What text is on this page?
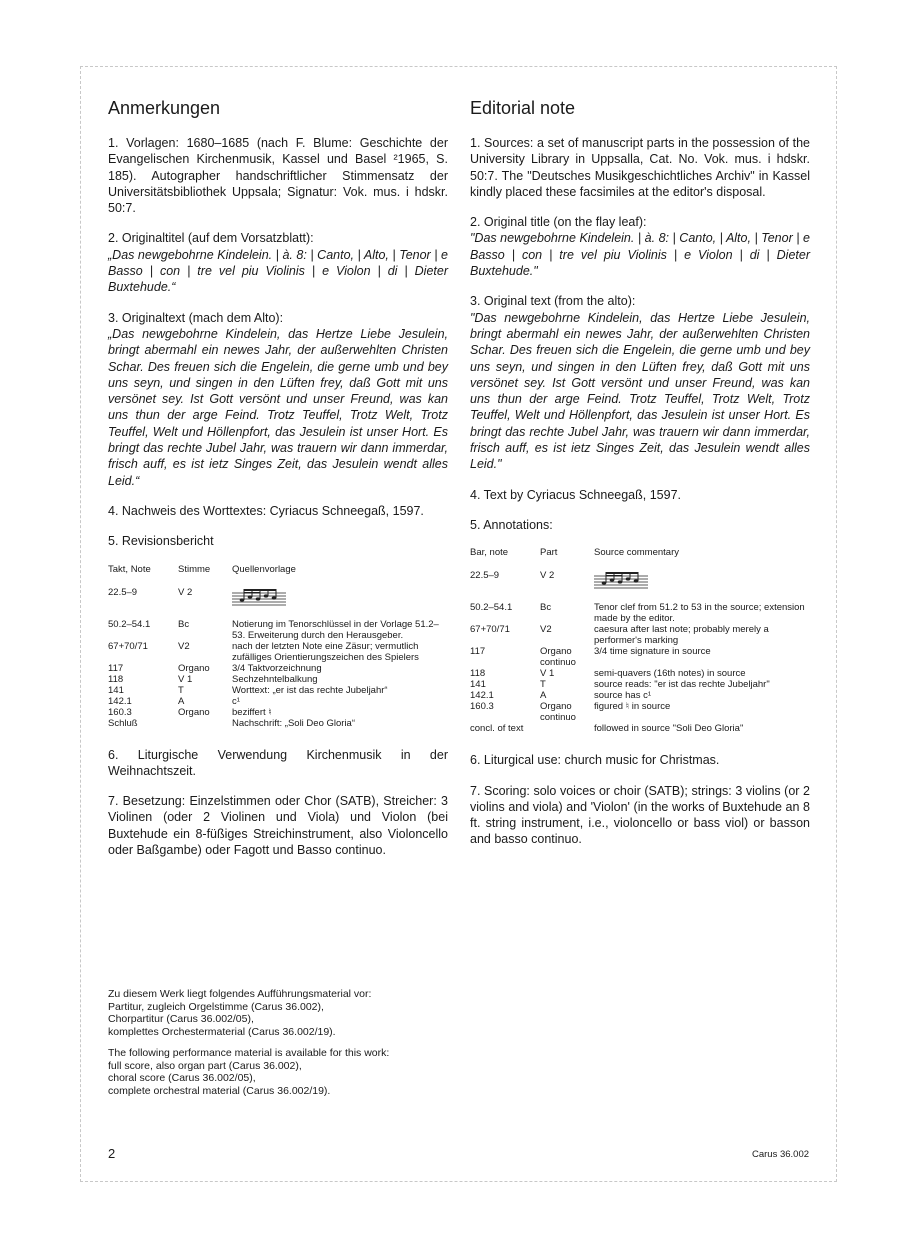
Anmerkungen

1. Vorlagen: 1680–1685 (nach F. Blume: Geschichte der Evangelischen Kirchenmusik, Kassel und Basel ²1965, S. 185). Autographer handschriftlicher Stimmensatz der Universitätsbibliothek Uppsala; Signatur: Vok. mus. i hdskr. 50:7.

2. Originaltitel (auf dem Vorsatzblatt):

„Das newgebohrne Kindelein. | à. 8: | Canto, | Alto, | Tenor | e Basso | con | tre vel piu Violinis | e Violon | di | Dieter Buxtehude.“

3. Originaltext (mach dem Alto):

„Das newgebohrne Kindelein, das Hertze Liebe Jesulein, bringt abermahl ein newes Jahr, der außerwehlten Christen Schar. Des freuen sich die Engelein, die gerne umb und bey uns seyn, und singen in den Lüften frey, daß Gott mit uns versönet sey. Ist Gott versönt und unser Freund, was kan uns thun der arge Feind. Trotz Teuffel, Trotz Welt, Trotz Teuffel, Welt und Höllenpfort, das Jesulein ist unser Hort. Es bringt das rechte Jubel Jahr, was trauern wir dann immerdar, frisch auff, es ist ietz Singes Zeit, das Jesulein wendt alles Leid.“

4. Nachweis des Worttextes: Cyriacus Schneegaß, 1597.

5. Revisionsbericht

Takt, Note	Stimme	Quellenvorlage
22.5–9	V 2	

50.2–54.1	Bc	Notierung im Tenorschlüssel in der Vorlage 51.2–53. Erweiterung durch den Herausgeber.
67+70/71	V2	nach der letzten Note eine Zäsur; vermutlich zufälliges Orientierungszeichen des Spielers
117	Organo	3/4 Taktvorzeichnung
118	V 1	Sechzehntelbalkung
141	T	Worttext: „er ist das rechte Jubeljahr“
142.1	A	c¹
160.3	Organo	beziffert ♮
Schluß		Nachschrift: „Soli Deo Gloria“

6. Liturgische Verwendung Kirchenmusik in der Weihnachtszeit.

7. Besetzung: Einzelstimmen oder Chor (SATB), Streicher: 3 Violinen (oder 2 Violinen und Viola) und Violon (bei Buxtehude ein 8-füßiges Streichinstrument, also Violoncello oder Baßgambe) oder Fagott und Basso continuo.

Editorial note

1. Sources: a set of manuscript parts in the possession of the University Library in Uppsalla, Cat. No. Vok. mus. i hdskr. 50:7. The "Deutsches Musikgeschichtliches Archiv" in Kassel kindly placed these facsimiles at the editor's disposal.

2. Original title (on the flay leaf):

"Das newgebohrne Kindelein. | à. 8: | Canto, | Alto, | Tenor | e Basso | con | tre vel piu Violinis | e Violon | di | Dieter Buxtehude."

3. Original text (from the alto):

"Das newgebohrne Kindelein, das Hertze Liebe Jesulein, bringt abermahl ein newes Jahr, der außerwehlten Christen Schar. Des freuen sich die Engelein, die gerne umb und bey uns seyn, und singen in den Lüften frey, daß Gott mit uns versönet sey. Ist Gott versönt und unser Freund, was kan uns thun der arge Feind. Trotz Teuffel, Trotz Welt, Trotz Teuffel, Welt und Höllenpfort, das Jesulein ist unser Hort. Es bringt das rechte Jubel Jahr, was trauern wir dann immerdar, frisch auff, es ist ietz Singes Zeit, das Jesulein wendt alles Leid."

4. Text by Cyriacus Schneegaß, 1597.

5. Annotations:

Bar, note	Part	Source commentary
22.5–9	V 2	

50.2–54.1	Bc	Tenor clef from 51.2 to 53 in the source; extension made by the editor.
67+70/71	V2	caesura after last note; probably merely a performer's marking
117	Organo continuo	3/4 time signature in source
118	V 1	semi-quavers (16th notes) in source
141	T	source reads: "er ist das rechte Jubeljahr"
142.1	A	source has c¹
160.3	Organo continuo	figured ♮ in source
concl. of text		followed in source "Soli Deo Gloria"

6. Liturgical use: church music for Christmas.

7. Scoring: solo voices or choir (SATB); strings: 3 violins (or 2 violins and viola) and 'Violon' (in the works of Buxtehude an 8 ft. string instrument, i.e., violoncello or bass viol) or basson and basso continuo.

Zu diesem Werk liegt folgendes Aufführungsmaterial vor:
Partitur, zugleich Orgelstimme (Carus 36.002),
Chorpartitur (Carus 36.002/05),
komplettes Orchestermaterial (Carus 36.002/19).

The following performance material is available for this work:
full score, also organ part (Carus 36.002),
choral score (Carus 36.002/05),
complete orchestral material (Carus 36.002/19).

2	Carus 36.002
